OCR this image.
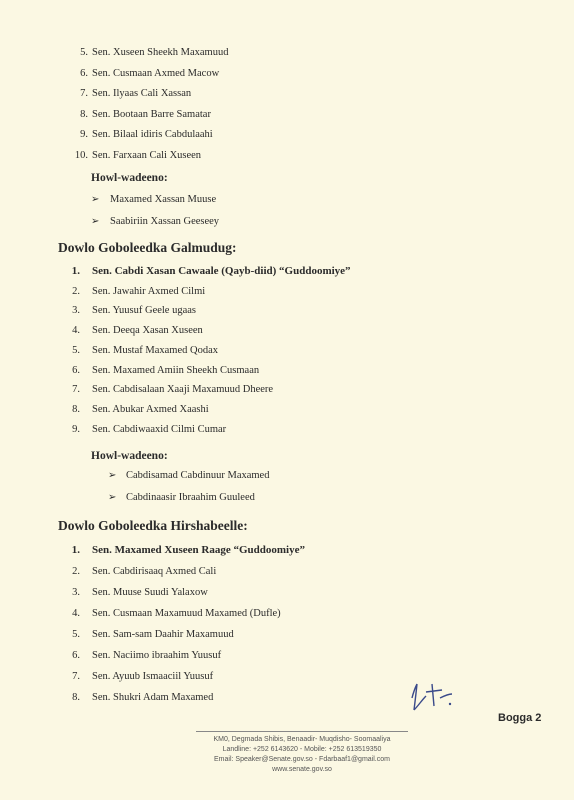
5. Sen. Xuseen Sheekh Maxamuud
6. Sen. Cusmaan Axmed Macow
7. Sen. Ilyaas Cali Xassan
8. Sen. Bootaan Barre Samatar
9. Sen. Bilaal idiris Cabdulaahi
10. Sen. Farxaan Cali Xuseen
Howl-wadeeno:
➢ Maxamed Xassan Muuse
➢ Saabiriin Xassan Geeseey
Dowlo Goboleedka Galmudug:
1. Sen. Cabdi Xasan Cawaale (Qayb-diid) “Guddoomiye”
2. Sen. Jawahir Axmed Cilmi
3. Sen. Yuusuf Geele ugaas
4. Sen. Deeqa Xasan Xuseen
5. Sen. Mustaf Maxamed Qodax
6. Sen. Maxamed Amiin Sheekh Cusmaan
7. Sen. Cabdisalaan Xaaji Maxamuud Dheere
8. Sen. Abukar Axmed Xaashi
9. Sen. Cabdiwaaxid Cilmi Cumar
Howl-wadeeno:
➢ Cabdisamad Cabdinuur Maxamed
➢ Cabdinaasir Ibraahim Guuleed
Dowlo Goboleedka Hirshabeelle:
1. Sen. Maxamed Xuseen Raage “Guddoomiye”
2. Sen. Cabdirisaaq Axmed Cali
3. Sen. Muuse Suudi Yalaxow
4. Sen. Cusmaan Maxamuud Maxamed (Dufle)
5. Sen. Sam-sam Daahir Maxamuud
6. Sen. Naciimo ibraahim Yuusuf
7. Sen. Ayuub Ismaaciil Yuusuf
8. Sen. Shukri Adam Maxamed
Bogga 2
KM0, Degmada Shibis, Benaadir- Muqdisho- Soomaaliya
Landline: +252 6143620 - Mobile: +252 613519350
Email: Speaker@Senate.gov.so - Fdarbaaf1@gmail.com
www.senate.gov.so
